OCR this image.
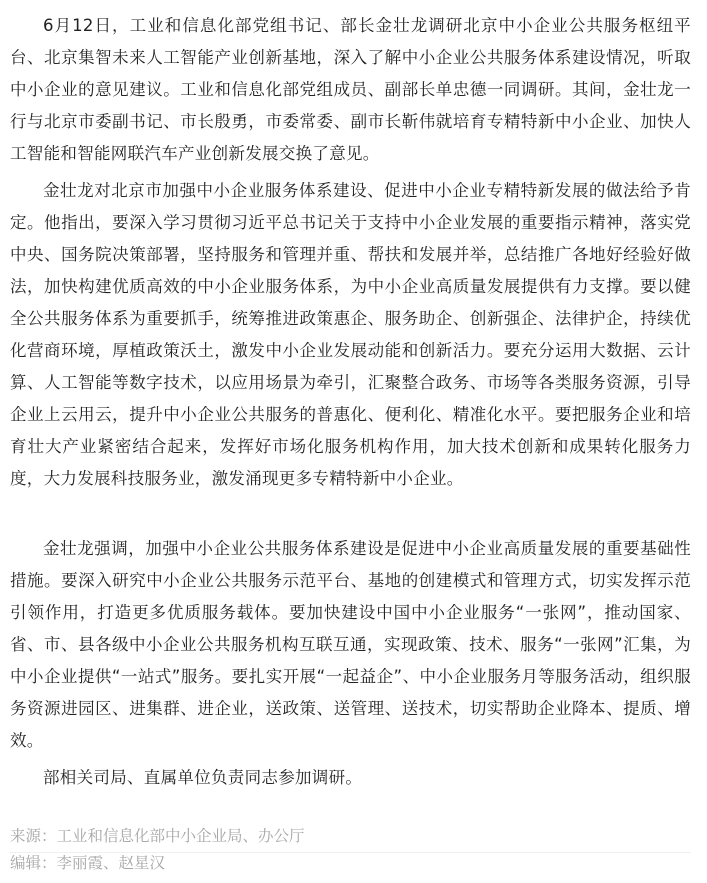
6月12日，工业和信息化部党组书记、部长金壮龙调研北京中小企业公共服务枢纽平台、北京集智未来人工智能产业创新基地，深入了解中小企业公共服务体系建设情况，听取中小企业的意见建议。工业和信息化部党组成员、副部长单忠德一同调研。其间，金壮龙一行与北京市委副书记、市长殷勇，市委常委、副市长靳伟就培育专精特新中小企业、加快人工智能和智能网联汽车产业创新发展交换了意见。

金壮龙对北京市加强中小企业服务体系建设、促进中小企业专精特新发展的做法给予肯定。他指出，要深入学习贯彻习近平总书记关于支持中小企业发展的重要指示精神，落实党中央、国务院决策部署，坚持服务和管理并重、帮扶和发展并举，总结推广各地好经验好做法，加快构建优质高效的中小企业服务体系，为中小企业高质量发展提供有力支撑。要以健全公共服务体系为重要抓手，统筹推进政策惠企、服务助企、创新强企、法律护企，持续优化营商环境，厚植政策沃土，激发中小企业发展动能和创新活力。要充分运用大数据、云计算、人工智能等数字技术，以应用场景为牵引，汇聚整合政务、市场等各类服务资源，引导企业上云用云，提升中小企业公共服务的普惠化、便利化、精准化水平。要把服务企业和培育壮大产业紧密结合起来，发挥好市场化服务机构作用，加大技术创新和成果转化服务力度，大力发展科技服务业，激发涌现更多专精特新中小企业。

金壮龙强调，加强中小企业公共服务体系建设是促进中小企业高质量发展的重要基础性措施。要深入研究中小企业公共服务示范平台、基地的创建模式和管理方式，切实发挥示范引领作用，打造更多优质服务载体。要加快建设中国中小企业服务“一张网”，推动国家、省、市、县各级中小企业公共服务机构互联互通，实现政策、技术、服务“一张网”汇集，为中小企业提供“一站式”服务。要扎实开展“一起益企”、中小企业服务月等服务活动，组织服务资源进园区、进集群、进企业，送政策、送管理、送技术，切实帮助企业降本、提质、增效。

部相关司局、直属单位负责同志参加调研。

来源：工业和信息化部中小企业局、办公厅
编辑：李丽霞、赵星汉
